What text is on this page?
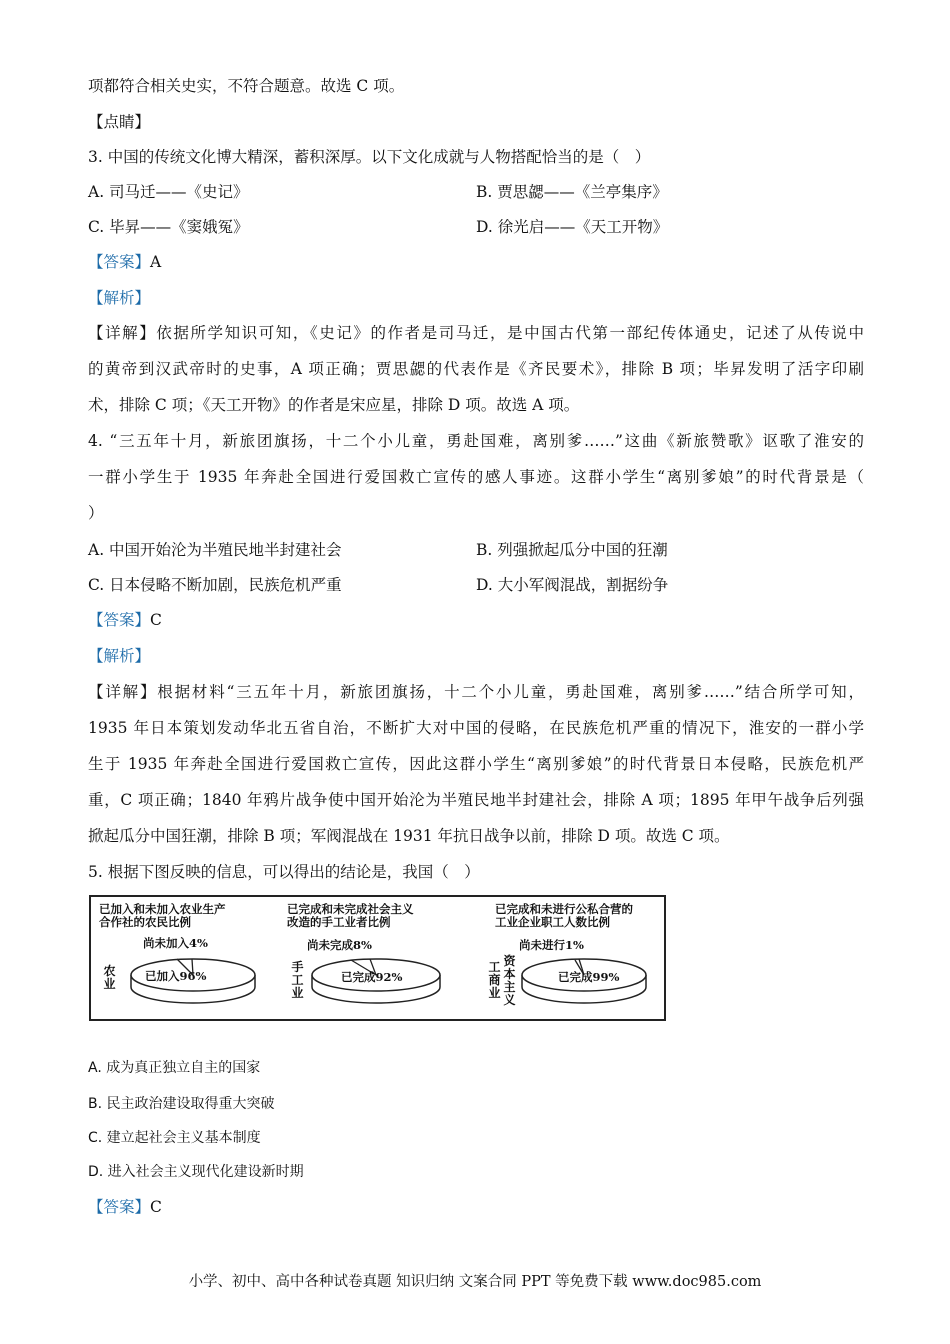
项都符合相关史实，不符合题意。故选 C 项。
【点睛】
3. 中国的传统文化博大精深，蓄积深厚。以下文化成就与人物搭配恰当的是（　）
A. 司马迁——《史记》	B. 贾思勰——《兰亭集序》
C. 毕昇——《窦娥冤》	D. 徐光启——《天工开物》
【答案】A
【解析】
【详解】依据所学知识可知，《史记》的作者是司马迁，是中国古代第一部纪传体通史，记述了从传说中
的黄帝到汉武帝时的史事，A 项正确；贾思勰的代表作是《齐民要术》，排除 B 项；毕昇发明了活字印刷
术，排除 C 项；《天工开物》的作者是宋应星，排除 D 项。故选 A 项。
4. “三五年十月，新旅团旗扬，十二个小儿童，勇赴国难，离别爹……”这曲《新旅赞歌》讴歌了淮安的
一群小学生于 1935 年奔赴全国进行爱国救亡宣传的感人事迹。这群小学生“离别爹娘”的时代背景是（
）
A. 中国开始沦为半殖民地半封建社会	B. 列强掀起瓜分中国的狂潮
C. 日本侵略不断加剧，民族危机严重	D. 大小军阀混战，割据纷争
【答案】C
【解析】
【详解】根据材料“三五年十月，新旅团旗扬，十二个小儿童，勇赴国难，离别爹……”结合所学可知，
1935 年日本策划发动华北五省自治，不断扩大对中国的侵略，在民族危机严重的情况下，淮安的一群小学
生于 1935 年奔赴全国进行爱国救亡宣传，因此这群小学生“离别爹娘”的时代背景日本侵略，民族危机严
重，C 项正确；1840 年鸦片战争使中国开始沦为半殖民地半封建社会，排除 A 项；1895 年甲午战争后列强
掀起瓜分中国狂潮，排除 B 项；军阀混战在 1931 年抗日战争以前，排除 D 项。故选 C 项。
5. 根据下图反映的信息，可以得出的结论是，我国（　）
已加入和未加入农业生产
合作社的农民比例
尚未加入4%
已加入96%
农业
已完成和未完成社会主义
改造的手工业者比例
尚未完成8%
已完成92%
手工业
已完成和未进行公私合营的
工业企业职工人数比例
尚未进行1%
已完成99%
工商业
资本主义
A. 成为真正独立自主的国家
B. 民主政治建设取得重大突破
C. 建立起社会主义基本制度
D. 进入社会主义现代化建设新时期
【答案】C
小学、初中、高中各种试卷真题 知识归纳 文案合同 PPT 等免费下载 www.doc985.com
